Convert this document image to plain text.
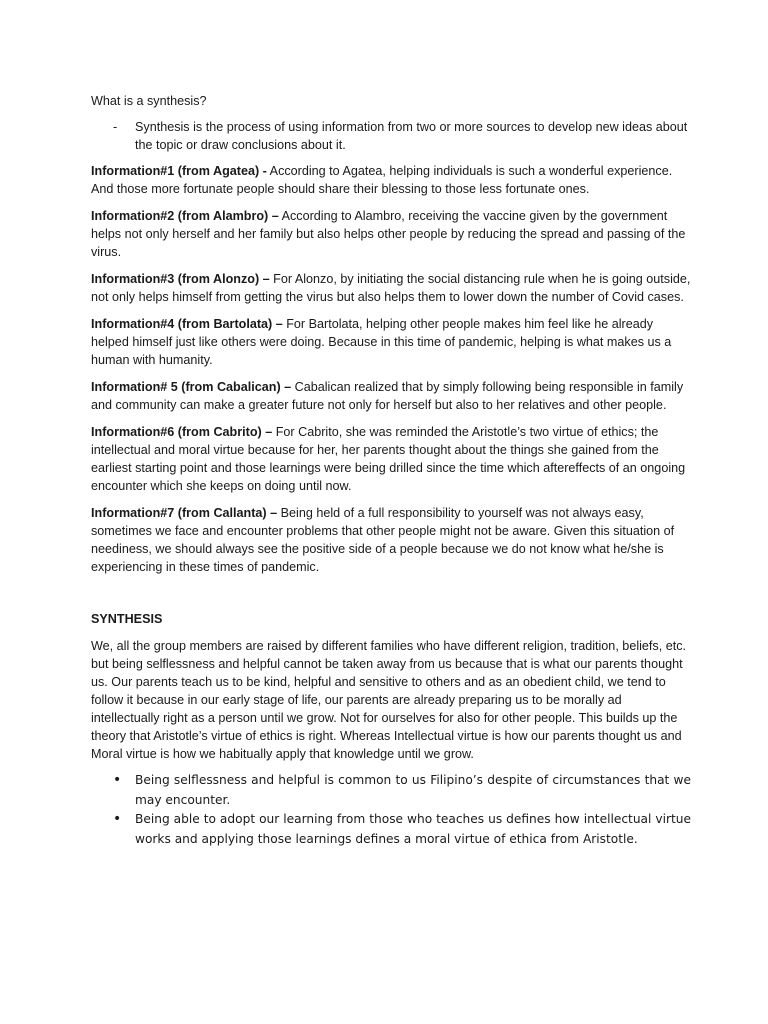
What is a synthesis?

-	Synthesis is the process of using information from two or more sources to develop new ideas about the topic or draw conclusions about it.

Information#1 (from Agatea) - According to Agatea, helping individuals is such a wonderful experience. And those more fortunate people should share their blessing to those less fortunate ones.

Information#2 (from Alambro) – According to Alambro, receiving the vaccine given by the government helps not only herself and her family but also helps other people by reducing the spread and passing of the virus.

Information#3 (from Alonzo) – For Alonzo, by initiating the social distancing rule when he is going outside, not only helps himself from getting the virus but also helps them to lower down the number of Covid cases.

Information#4 (from Bartolata) – For Bartolata, helping other people makes him feel like he already helped himself just like others were doing. Because in this time of pandemic, helping is what makes us a human with humanity.

Information# 5 (from Cabalican) – Cabalican realized that by simply following being responsible in family and community can make a greater future not only for herself but also to her relatives and other people.

Information#6 (from Cabrito) – For Cabrito, she was reminded the Aristotle’s two virtue of ethics; the intellectual and moral virtue because for her, her parents thought about the things she gained from the earliest starting point and those learnings were being drilled since the time which aftereffects of an ongoing encounter which she keeps on doing until now.

Information#7 (from Callanta) – Being held of a full responsibility to yourself was not always easy, sometimes we face and encounter problems that other people might not be aware. Given this situation of neediness, we should always see the positive side of a people because we do not know what he/she is experiencing in these times of pandemic.

SYNTHESIS

We, all the group members are raised by different families who have different religion, tradition, beliefs, etc. but being selflessness and helpful cannot be taken away from us because that is what our parents thought us. Our parents teach us to be kind, helpful and sensitive to others and as an obedient child, we tend to follow it because in our early stage of life, our parents are already preparing us to be morally ad intellectually right as a person until we grow. Not for ourselves for also for other people. This builds up the theory that Aristotle’s virtue of ethics is right. Whereas Intellectual virtue is how our parents thought us and Moral virtue is how we habitually apply that knowledge until we grow.

•	Being selflessness and helpful is common to us Filipino’s despite of circumstances that we may encounter.
•	Being able to adopt our learning from those who teaches us defines how intellectual virtue works and applying those learnings defines a moral virtue of ethica from Aristotle.
